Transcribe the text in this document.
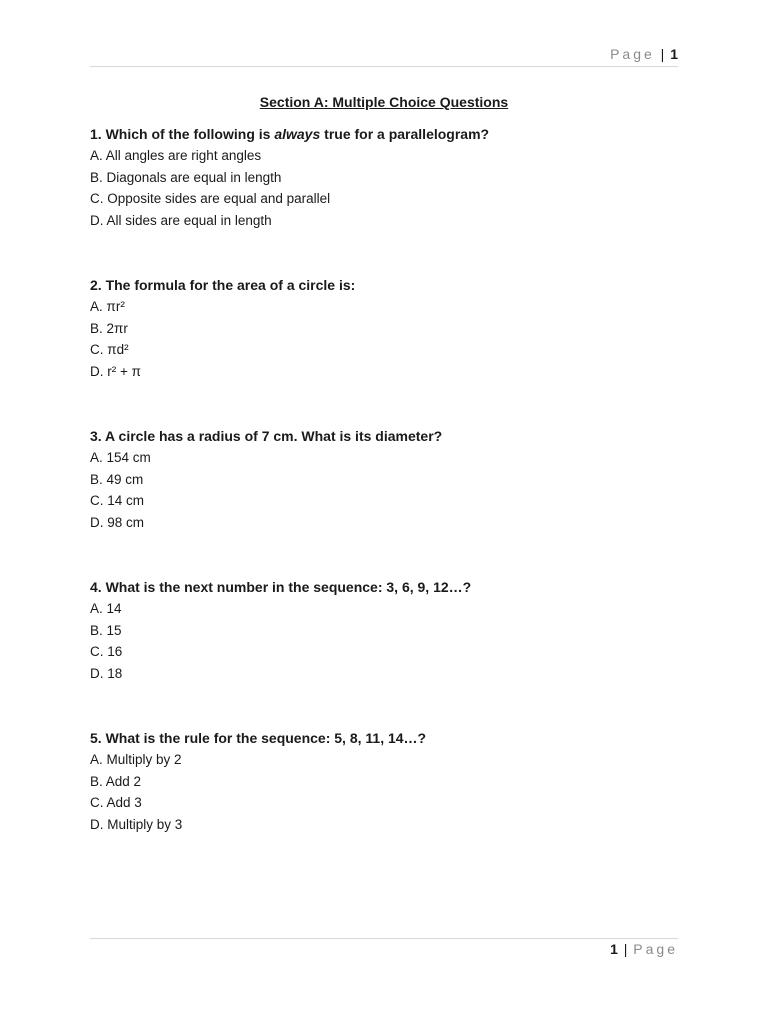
Page | 1
Section A: Multiple Choice Questions
1. Which of the following is always true for a parallelogram?
A. All angles are right angles
B. Diagonals are equal in length
C. Opposite sides are equal and parallel
D. All sides are equal in length
2. The formula for the area of a circle is:
A. πr²
B. 2πr
C. πd²
D. r² + π
3. A circle has a radius of 7 cm. What is its diameter?
A. 154 cm
B. 49 cm
C. 14 cm
D. 98 cm
4. What is the next number in the sequence: 3, 6, 9, 12…?
A. 14
B. 15
C. 16
D. 18
5. What is the rule for the sequence: 5, 8, 11, 14…?
A. Multiply by 2
B. Add 2
C. Add 3
D. Multiply by 3
1 | Page
